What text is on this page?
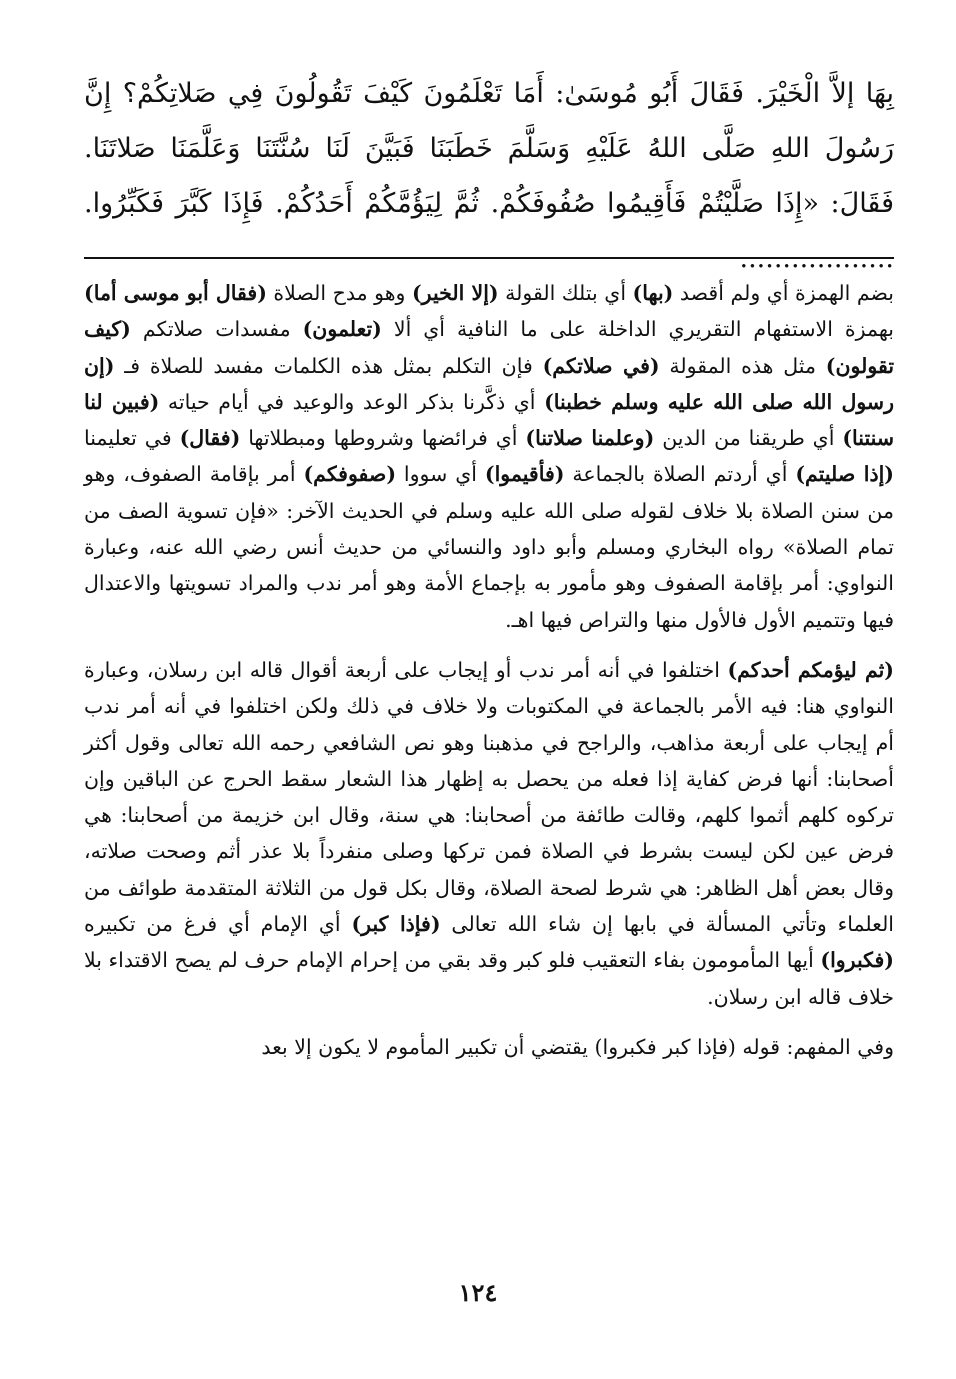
بِهَا إلاَّ الْخَيْرَ. فَقَالَ أَبُو مُوسَىٰ: أَمَا تَعْلَمُونَ كَيْفَ تَقُولُونَ فِي صَلاتِكُمْ؟ إِنَّ رَسُولَ اللهِ صَلَّى اللهُ عَلَيْهِ وَسَلَّمَ خَطَبَنَا فَبَيَّنَ لَنَا سُنَّتَنَا وَعَلَّمَنَا صَلاتَنَا. فَقَالَ: «إِذَا صَلَّيْتُمْ فَأَقِيمُوا صُفُوفَكُمْ. ثُمَّ لِيَؤُمَّكُمْ أَحَدُكُمْ. فَإِذَا كَبَّرَ فَكَبِّرُوا. ..................

بضم الهمزة أي ولم أقصد (بها) أي بتلك القولة (إلا الخير) وهو مدح الصلاة (فقال أبو موسى أما) بهمزة الاستفهام التقريري الداخلة على ما النافية أي ألا (تعلمون) مفسدات صلاتكم (كيف تقولون) مثل هذه المقولة (في صلاتكم) فإن التكلم بمثل هذه الكلمات مفسد للصلاة فـ (إن رسول الله صلى الله عليه وسلم خطبنا) أي ذكَّرنا بذكر الوعد والوعيد في أيام حياته (فبين لنا سنتنا) أي طريقنا من الدين (وعلمنا صلاتنا) أي فرائضها وشروطها ومبطلاتها (فقال) في تعليمنا (إذا صليتم) أي أردتم الصلاة بالجماعة (فأقيموا) أي سووا (صفوفكم) أمر بإقامة الصفوف، وهو من سنن الصلاة بلا خلاف لقوله صلى الله عليه وسلم في الحديث الآخر: «فإن تسوية الصف من تمام الصلاة» رواه البخاري ومسلم وأبو داود والنسائي من حديث أنس رضي الله عنه، وعبارة النواوي: أمر بإقامة الصفوف وهو مأمور به بإجماع الأمة وهو أمر ندب والمراد تسويتها والاعتدال فيها وتتميم الأول فالأول منها والتراص فيها اهـ.

(ثم ليؤمكم أحدكم) اختلفوا في أنه أمر ندب أو إيجاب على أربعة أقوال قاله ابن رسلان، وعبارة النواوي هنا: فيه الأمر بالجماعة في المكتوبات ولا خلاف في ذلك ولكن اختلفوا في أنه أمر ندب أم إيجاب على أربعة مذاهب، والراجح في مذهبنا وهو نص الشافعي رحمه الله تعالى وقول أكثر أصحابنا: أنها فرض كفاية إذا فعله من يحصل به إظهار هذا الشعار سقط الحرج عن الباقين وإن تركوه كلهم أثموا كلهم، وقالت طائفة من أصحابنا: هي سنة، وقال ابن خزيمة من أصحابنا: هي فرض عين لكن ليست بشرط في الصلاة فمن تركها وصلى منفرداً بلا عذر أثم وصحت صلاته، وقال بعض أهل الظاهر: هي شرط لصحة الصلاة، وقال بكل قول من الثلاثة المتقدمة طوائف من العلماء وتأتي المسألة في بابها إن شاء الله تعالى (فإذا كبر) أي الإمام أي فرغ من تكبيره (فكبروا) أيها المأمومون بفاء التعقيب فلو كبر وقد بقي من إحرام الإمام حرف لم يصح الاقتداء بلا خلاف قاله ابن رسلان.

وفي المفهم: قوله (فإذا كبر فكبروا) يقتضي أن تكبير المأموم لا يكون إلا بعد

١٢٤
